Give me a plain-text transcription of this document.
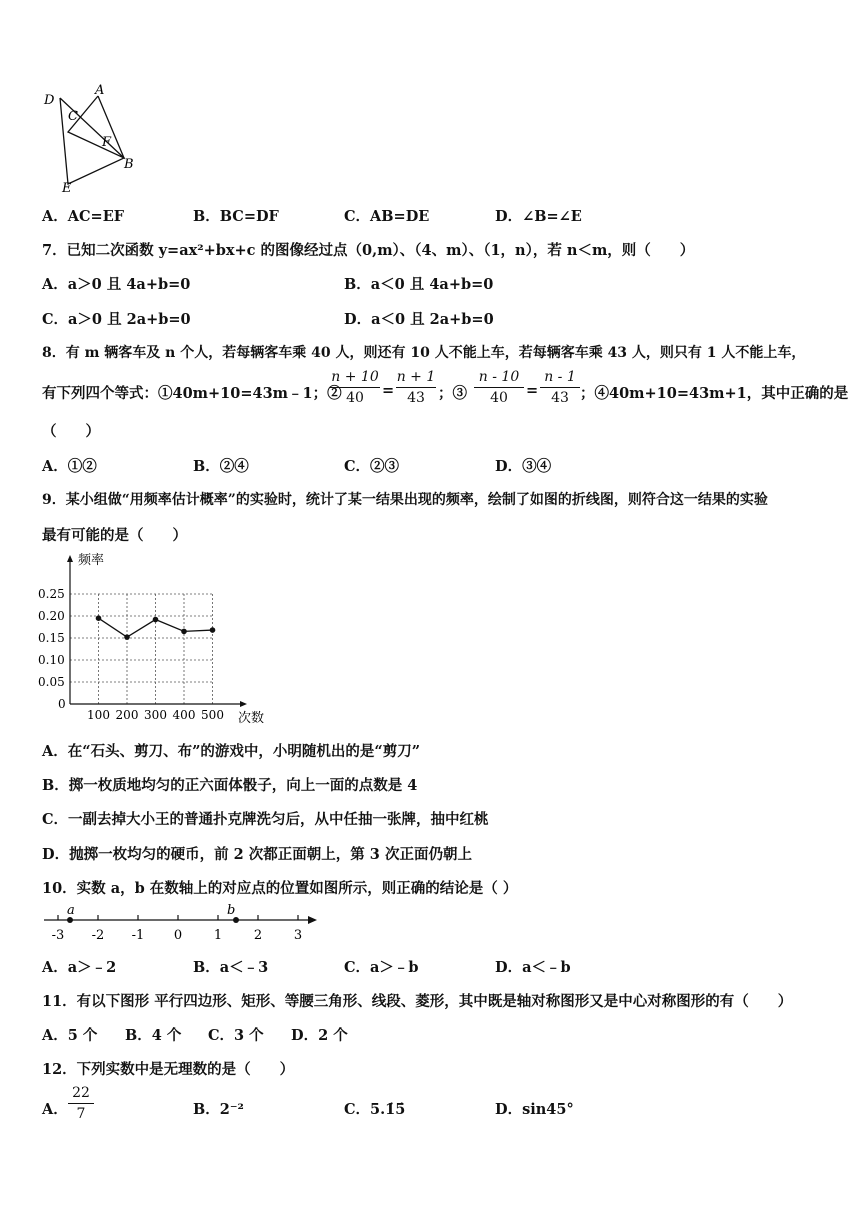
D
A
C
F
B
E
A．AC=EF	B．BC=DF	C．AB=DE	D．∠B=∠E
7．已知二次函数 y=ax²+bx+c 的图像经过点（0,m）、（4、m）、（1，n），若 n＜m，则（　　）
A．a＞0 且 4a+b=0	B．a＜0 且 4a+b=0
C．a＞0 且 2a+b=0	D．a＜0 且 2a+b=0
8．有 m 辆客车及 n 个人，若每辆客车乘 40 人，则还有 10 人不能上车，若每辆客车乘 43 人，则只有 1 人不能上车，
有下列四个等式：①40m+10=43m﹣1；②
n + 10
40	=
n + 1
43 ；③
n - 10
40	=
n - 1
43 ；④40m+10=43m+1，其中正确的是
（　　）
A．①②	B．②④	C．②③	D．③④
9．某小组做“用频率估计概率”的实验时，统计了某一结果出现的频率，绘制了如图的折线图，则符合这一结果的实验
最有可能的是（　　）
频率
次数
0.25
0.20
0.15
0.10
0.05
0
100 200 300 400 500
A．在“石头、剪刀、布”的游戏中，小明随机出的是“剪刀”
B．掷一枚质地均匀的正六面体骰子，向上一面的点数是 4
C．一副去掉大小王的普通扑克牌洗匀后，从中任抽一张牌，抽中红桃
D．抛掷一枚均匀的硬币，前 2 次都正面朝上，第 3 次正面仍朝上
10．实数 a，b 在数轴上的对应点的位置如图所示，则正确的结论是（ ）
-3 -2 -1 0 1 2 3
a	b
A．a＞﹣2	B．a＜﹣3	C．a＞﹣b	D．a＜﹣b
11．有以下图形 平行四边形、矩形、等腰三角形、线段、菱形，其中既是轴对称图形又是中心对称图形的有（　　）
A．5 个 B．4 个 C．3 个 D．2 个
12．下列实数中是无理数的是（　　）
A．
22
7	B．2⁻²	C．5.1̇5̇	D．sin45°
